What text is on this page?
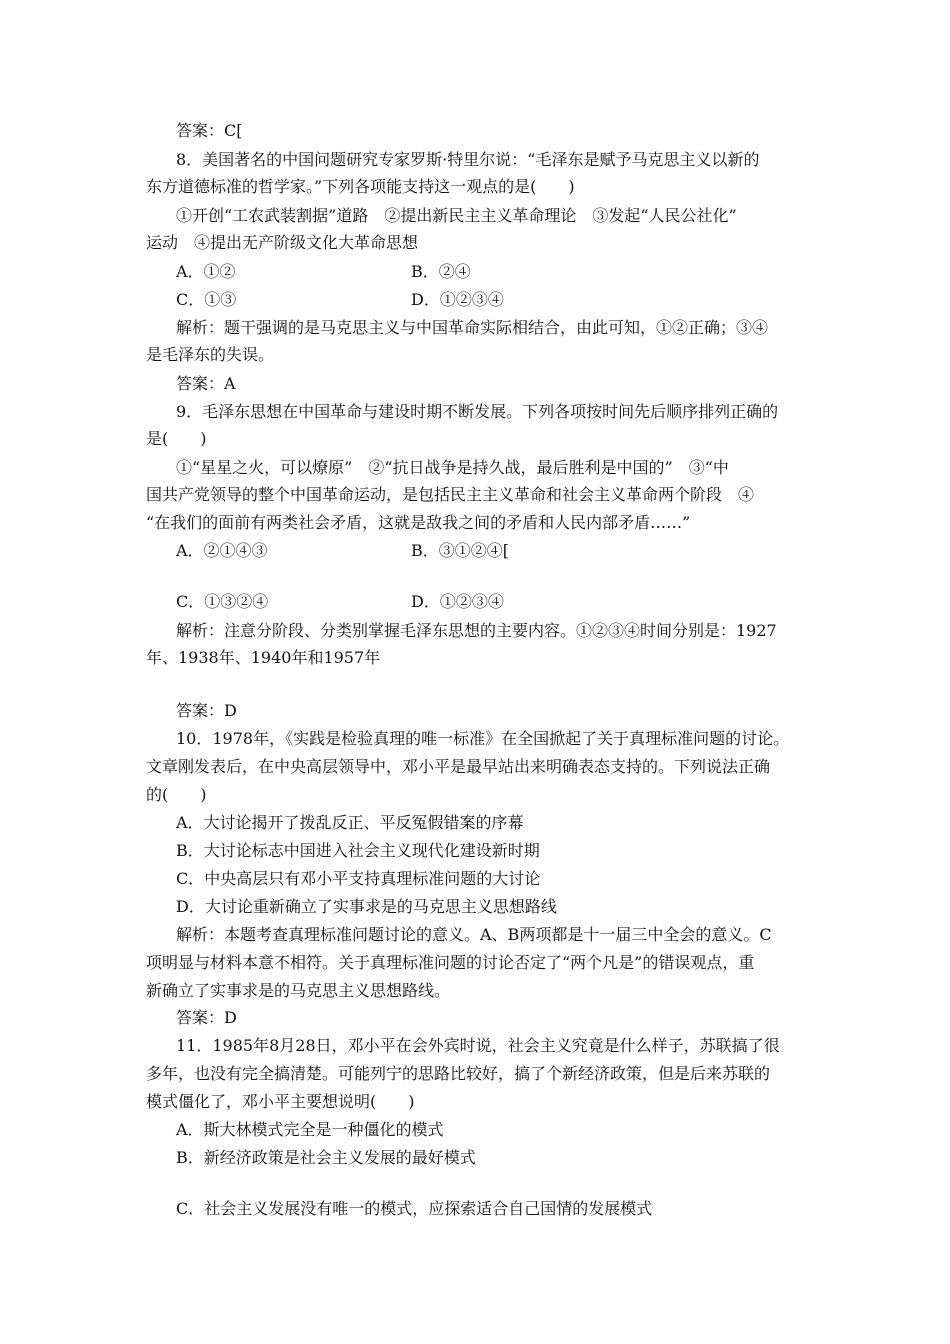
答案：C[
8．美国著名的中国问题研究专家罗斯·特里尔说：“毛泽东是赋予马克思主义以新的
东方道德标准的哲学家。”下列各项能支持这一观点的是(　　)
①开创“工农武装割据”道路　②提出新民主主义革命理论　③发起“人民公社化”
运动　④提出无产阶级文化大革命思想
A．①②	B．②④
C．①③	D．①②③④
解析：题干强调的是马克思主义与中国革命实际相结合，由此可知，①②正确；③④
是毛泽东的失误。
答案：A
9．毛泽东思想在中国革命与建设时期不断发展。下列各项按时间先后顺序排列正确的
是(　　)
①“星星之火，可以燎原”　②“抗日战争是持久战，最后胜利是中国的”　③“中
国共产党领导的整个中国革命运动，是包括民主主义革命和社会主义革命两个阶段　④
“在我们的面前有两类社会矛盾，这就是敌我之间的矛盾和人民内部矛盾……”
A．②①④③	B．③①②④[
C．①③②④	D．①②③④
解析：注意分阶段、分类别掌握毛泽东思想的主要内容。①②③④时间分别是：1927
年、1938年、1940年和1957年
答案：D
10．1978年，《实践是检验真理的唯一标准》在全国掀起了关于真理标准问题的讨论。
文章刚发表后，在中央高层领导中，邓小平是最早站出来明确表态支持的。下列说法正确
的(　　)
A．大讨论揭开了拨乱反正、平反冤假错案的序幕
B．大讨论标志中国进入社会主义现代化建设新时期
C．中央高层只有邓小平支持真理标准问题的大讨论
D．大讨论重新确立了实事求是的马克思主义思想路线
解析：本题考查真理标准问题讨论的意义。A、B两项都是十一届三中全会的意义。C
项明显与材料本意不相符。关于真理标准问题的讨论否定了“两个凡是”的错误观点，重
新确立了实事求是的马克思主义思想路线。
答案：D
11．1985年8月28日，邓小平在会外宾时说，社会主义究竟是什么样子，苏联搞了很
多年，也没有完全搞清楚。可能列宁的思路比较好，搞了个新经济政策，但是后来苏联的
模式僵化了，邓小平主要想说明(　　)
A．斯大林模式完全是一种僵化的模式
B．新经济政策是社会主义发展的最好模式
C．社会主义发展没有唯一的模式，应探索适合自己国情的发展模式
